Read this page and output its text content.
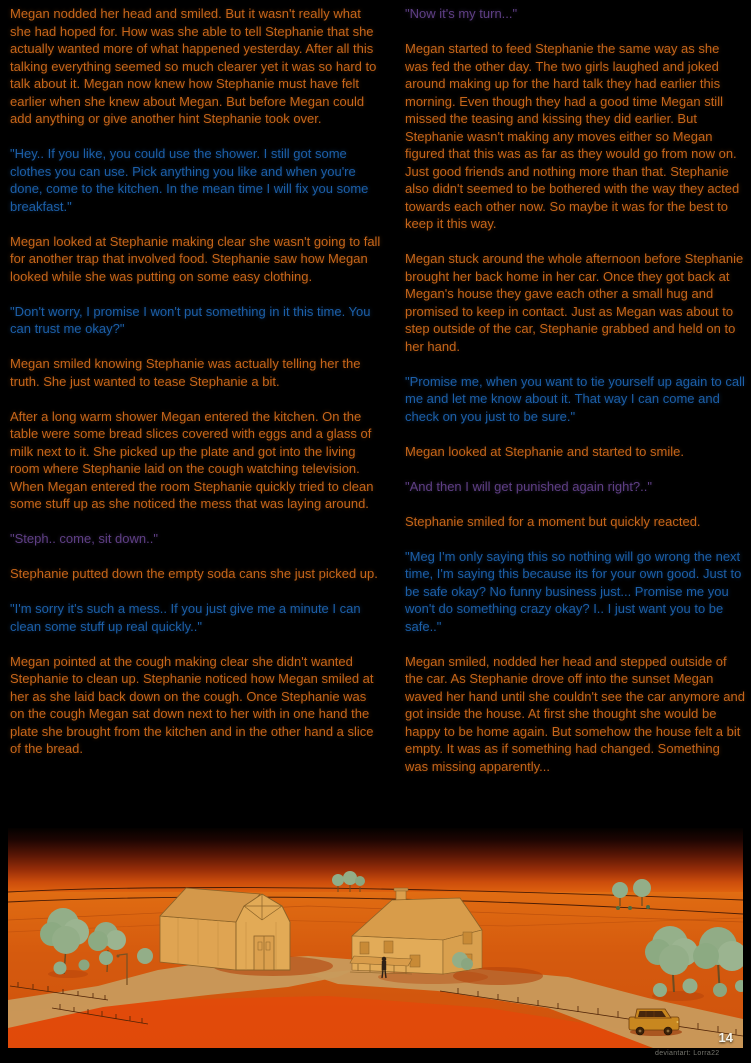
Megan nodded her head and smiled. But it wasn't really what she had hoped for. How was she able to tell Stephanie that she actually wanted more of what happened yesterday. After all this talking everything seemed so much clearer yet it was so hard to talk about it. Megan now knew how Stephanie must have felt earlier when she knew about Megan. But before Megan could add anything or give another hint Stephanie took over.

"Hey.. If you like, you could use the shower. I still got some clothes you can use. Pick anything you like and when you're done, come to the kitchen. In the mean time I will fix you some breakfast."

Megan looked at Stephanie making clear she wasn't going to fall for another trap that involved food. Stephanie saw how Megan looked while she was putting on some easy clothing.

"Don't worry, I promise I won't put something in it this time. You can trust me okay?"

Megan smiled knowing Stephanie was actually telling her the truth. She just wanted to tease Stephanie a bit.

After a long warm shower Megan entered the kitchen. On the table were some bread slices covered with eggs and a glass of milk next to it. She picked up the plate and got into the living room where Stephanie laid on the cough watching television. When Megan entered the room Stephanie quickly tried to clean some stuff up as she noticed the mess that was laying around.

"Steph.. come, sit down.."

Stephanie putted down the empty soda cans she just picked up.

"I'm sorry it's such a mess.. If you just give me a minute I can clean some stuff up real quickly.."

Megan pointed at the cough making clear she didn't wanted Stephanie to clean up. Stephanie noticed how Megan smiled at her as she laid back down on the cough. Once Stephanie was on the cough Megan sat down next to her with in one hand the plate she brought from the kitchen and in the other hand a slice of the bread.

"Now it's my turn..."

Megan started to feed Stephanie the same way as she was fed the other day. The two girls laughed and joked around making up for the hard talk they had earlier this morning. Even though they had a good time Megan still missed the teasing and kissing they did earlier. But Stephanie wasn't making any moves either so Megan figured that this was as far as they would go from now on. Just good friends and nothing more than that. Stephanie also didn't seemed to be bothered with the way they acted towards each other now. So maybe it was for the best to keep it this way.

Megan stuck around the whole afternoon before Stephanie brought her back home in her car. Once they got back at Megan's house they gave each other a small hug and promised to keep in contact. Just as Megan was about to step outside of the car, Stephanie grabbed and held on to her hand.

"Promise me, when you want to tie yourself up again to call me and let me know about it. That way I can come and check on you just to be sure."

Megan looked at Stephanie and started to smile.

"And then I will get punished again right?.."

Stephanie smiled for a moment but quickly reacted.

"Meg I'm only saying this so nothing will go wrong the next time, I'm saying this because its for your own good. Just to be safe okay? No funny business just... Promise me you won't do something crazy okay? I.. I just want you to be safe.."

Megan smiled, nodded her head and stepped outside of the car. As Stephanie drove off into the sunset Megan waved her hand until she couldn't see the car anymore and got inside the house. At first she thought she would be happy to be home again. But somehow the house felt a bit empty. It was as if something had changed. Something was missing apparently...

14
deviantart: Lorra22
